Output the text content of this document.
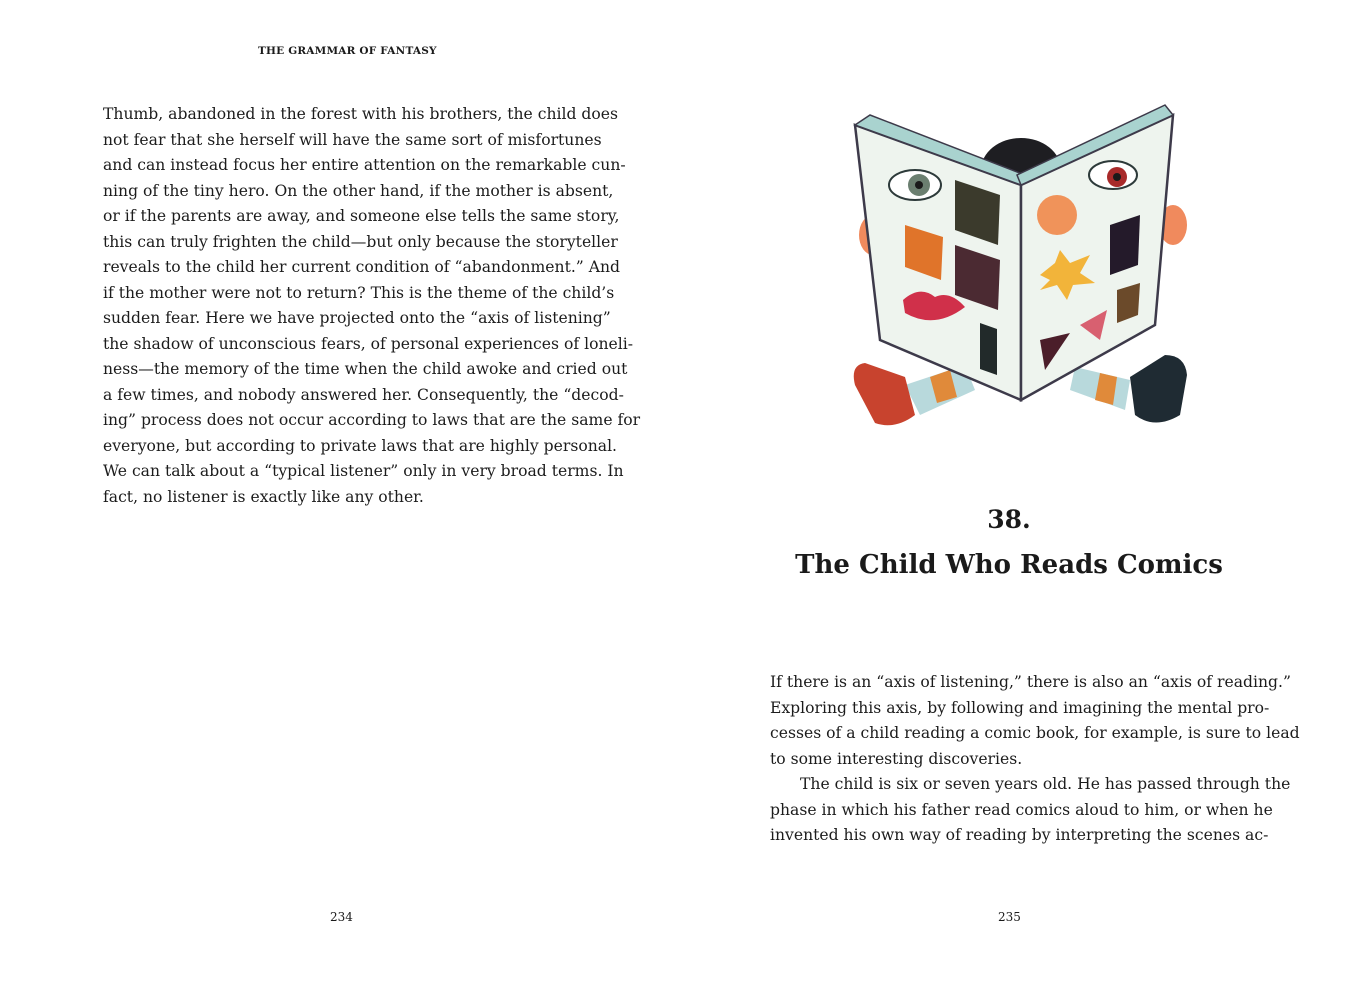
THE GRAMMAR OF FANTASY
Thumb, abandoned in the forest with his brothers, the child does
not fear that she herself will have the same sort of misfortunes
and can instead focus her entire attention on the remarkable cun-
ning of the tiny hero. On the other hand, if the mother is absent,
or if the parents are away, and someone else tells the same story,
this can truly frighten the child—but only because the storyteller
reveals to the child her current condition of “abandonment.” And
if the mother were not to return? This is the theme of the child’s
sudden fear. Here we have projected onto the “axis of listening”
the shadow of unconscious fears, of personal experiences of loneli-
ness—the memory of the time when the child awoke and cried out
a few times, and nobody answered her. Consequently, the “decod-
ing” process does not occur according to laws that are the same for
everyone, but according to private laws that are highly personal.
We can talk about a “typical listener” only in very broad terms. In
fact, no listener is exactly like any other.
234
38.
The Child Who Reads Comics
If there is an “axis of listening,” there is also an “axis of reading.”
Exploring this axis, by following and imagining the mental pro-
cesses of a child reading a comic book, for example, is sure to lead
to some interesting discoveries.
The child is six or seven years old. He has passed through the
phase in which his father read comics aloud to him, or when he
invented his own way of reading by interpreting the scenes ac-
235
